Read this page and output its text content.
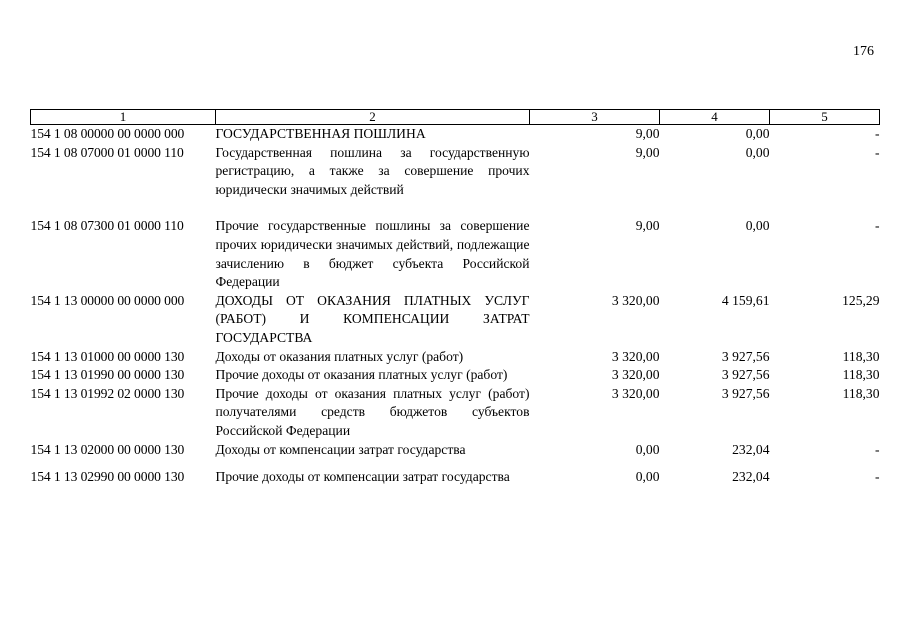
176
1	2	3	4	5
154 1 08 00000 00 0000 000	ГОСУДАРСТВЕННАЯ ПОШЛИНА	9,00	0,00	-
154 1 08 07000 01 0000 110	Государственная пошлина за государственную регистрацию, а также за совершение прочих юридически значимых действий	9,00	0,00	-
154 1 08 07300 01 0000 110	Прочие государственные пошлины за совершение прочих юридически значимых действий, подлежащие зачислению в бюджет субъекта Российской Федерации	9,00	0,00	-
154 1 13 00000 00 0000 000	ДОХОДЫ ОТ ОКАЗАНИЯ ПЛАТНЫХ УСЛУГ (РАБОТ) И КОМПЕНСАЦИИ ЗАТРАТ ГОСУДАРСТВА	3 320,00	4 159,61	125,29
154 1 13 01000 00 0000 130	Доходы от оказания платных услуг (работ)	3 320,00	3 927,56	118,30
154 1 13 01990 00 0000 130	Прочие доходы от оказания платных услуг (работ)	3 320,00	3 927,56	118,30
154 1 13 01992 02 0000 130	Прочие доходы от оказания платных услуг (работ) получателями средств бюджетов субъектов Российской Федерации	3 320,00	3 927,56	118,30
154 1 13 02000 00 0000 130	Доходы от компенсации затрат государства	0,00	232,04	-
154 1 13 02990 00 0000 130	Прочие доходы от компенсации затрат государства	0,00	232,04	-
